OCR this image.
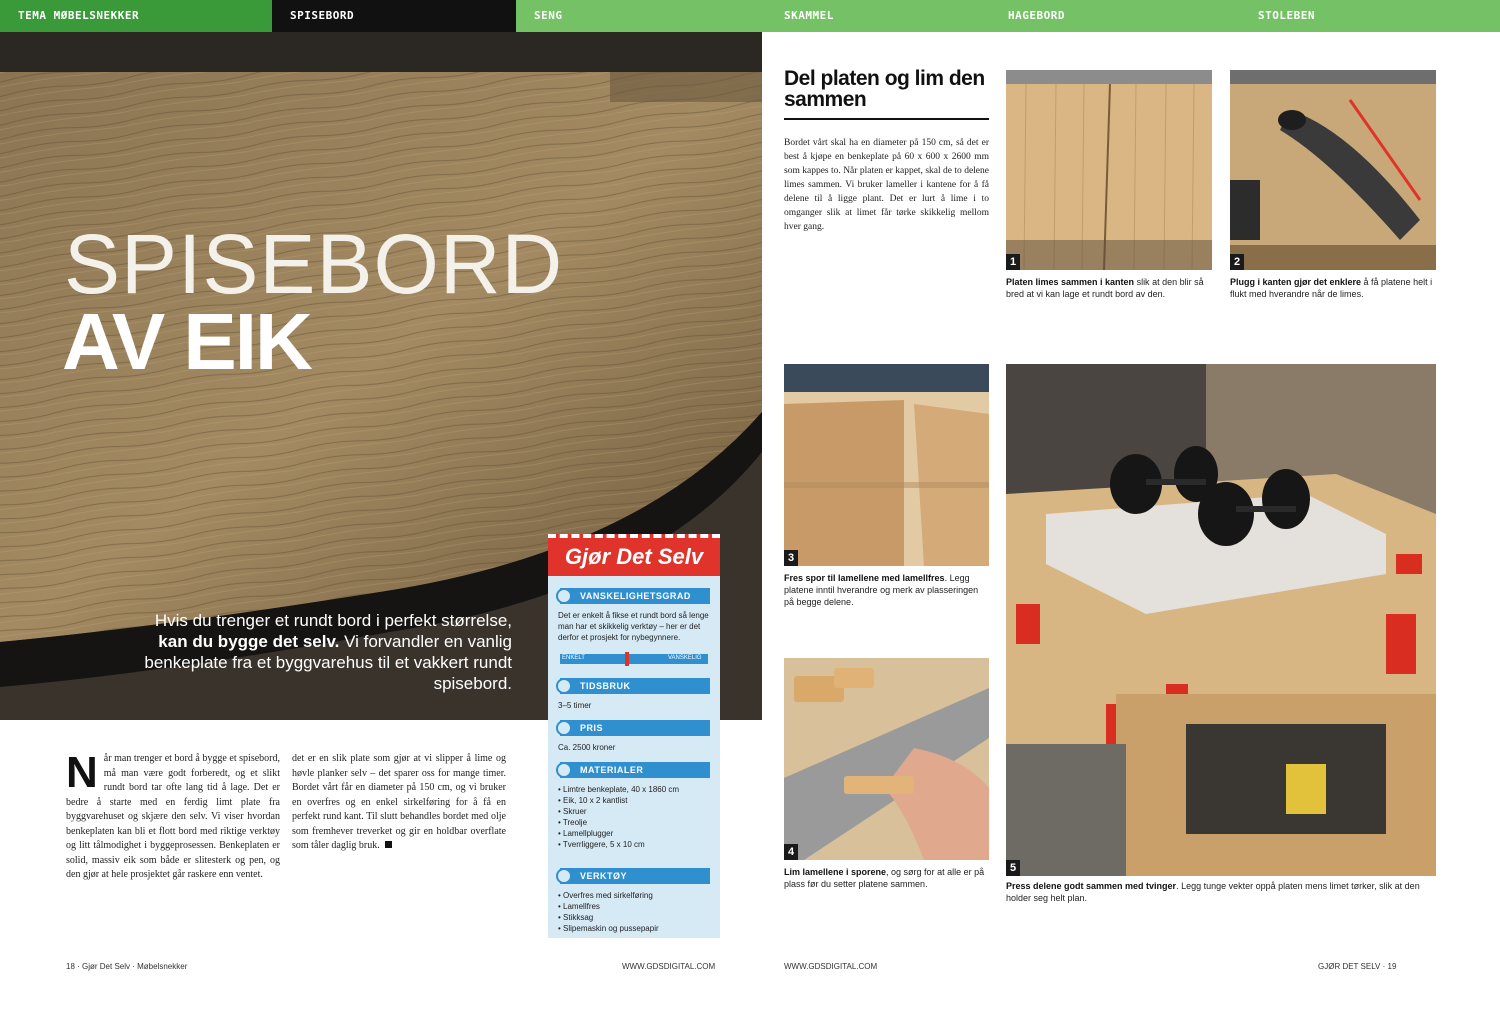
TEMA MØBELSNEKKER	SPISEBORD	SENG	SKAMMEL	HAGEBORD	STOLEBEN
SPISEBORD
AV EIK
Hvis du trenger et rundt bord i perfekt størrelse, kan du bygge det selv. Vi forvandler en vanlig benkeplate fra et byggvarehus til et vakkert rundt spisebord.
Når man trenger et bord å bygge et spisebord, må man være godt forberedt, og et slikt rundt bord tar ofte lang tid å lage. Det er bedre å starte med en ferdig limt plate fra byggvarehuset og skjære den selv. Vi viser hvordan benkeplaten kan bli et flott bord med riktige verktøy og litt tålmodighet i byggeprosessen. Benkeplaten er solid, massiv eik som både er slitesterk og pen, og den gjør at hele prosjektet går raskere enn ventet.
det er en slik plate som gjør at vi slipper å lime og høvle planker selv – det sparer oss for mange timer. Bordet vårt får en diameter på 150 cm, og vi bruker en overfres og en enkel sirkelføring for å få en perfekt rund kant. Til slutt behandles bordet med olje som fremhever treverket og gir en holdbar overflate som tåler daglig bruk.
Gjør Det Selv
VANSKELIGHETSGRAD
Det er enkelt å fikse et rundt bord så lenge man har et skikkelig verktøy – her er det derfor et prosjekt for nybegynnere.
ENKELT	VANSKELIG
TIDSBRUK
3–5 timer
PRIS
Ca. 2500 kroner
MATERIALER
• Limtre benkeplate, 40 x 1860 cm
• Eik, 10 x 2 kantlist
• Skruer
• Treolje
• Lamellplugger
• Tverrliggere, 5 x 10 cm
VERKTØY
• Overfres med sirkelføring
• Lamellfres
• Stikksag
• Slipemaskin og pussepapir
18 · Gjør Det Selv · Møbelsnekker	WWW.GDSDIGITAL.COM	WWW.GDSDIGITAL.COM	GJØR DET SELV · 19
Del platen og lim den sammen
Bordet vårt skal ha en diameter på 150 cm, så det er best å kjøpe en benkeplate på 60 x 600 x 2600 mm som kappes to. Når platen er kappet, skal de to delene limes sammen. Vi bruker lameller i kantene for å få delene til å ligge plant. Det er lurt å lime i to omganger slik at limet får tørke skikkelig mellom hver gang.
1
Platen limes sammen i kanten slik at den blir så bred at vi kan lage et rundt bord av den.
2
Plugg i kanten gjør det enklere å få platene helt i flukt med hverandre når de limes.
3
Fres spor til lamellene med lamellfres. Legg platene inntil hverandre og merk av plasseringen på begge delene.
4
Lim lamellene i sporene, og sørg for at alle er på plass før du setter platene sammen.
5
Press delene godt sammen med tvinger. Legg tunge vekter oppå platen mens limet tørker, slik at den holder seg helt plan.
